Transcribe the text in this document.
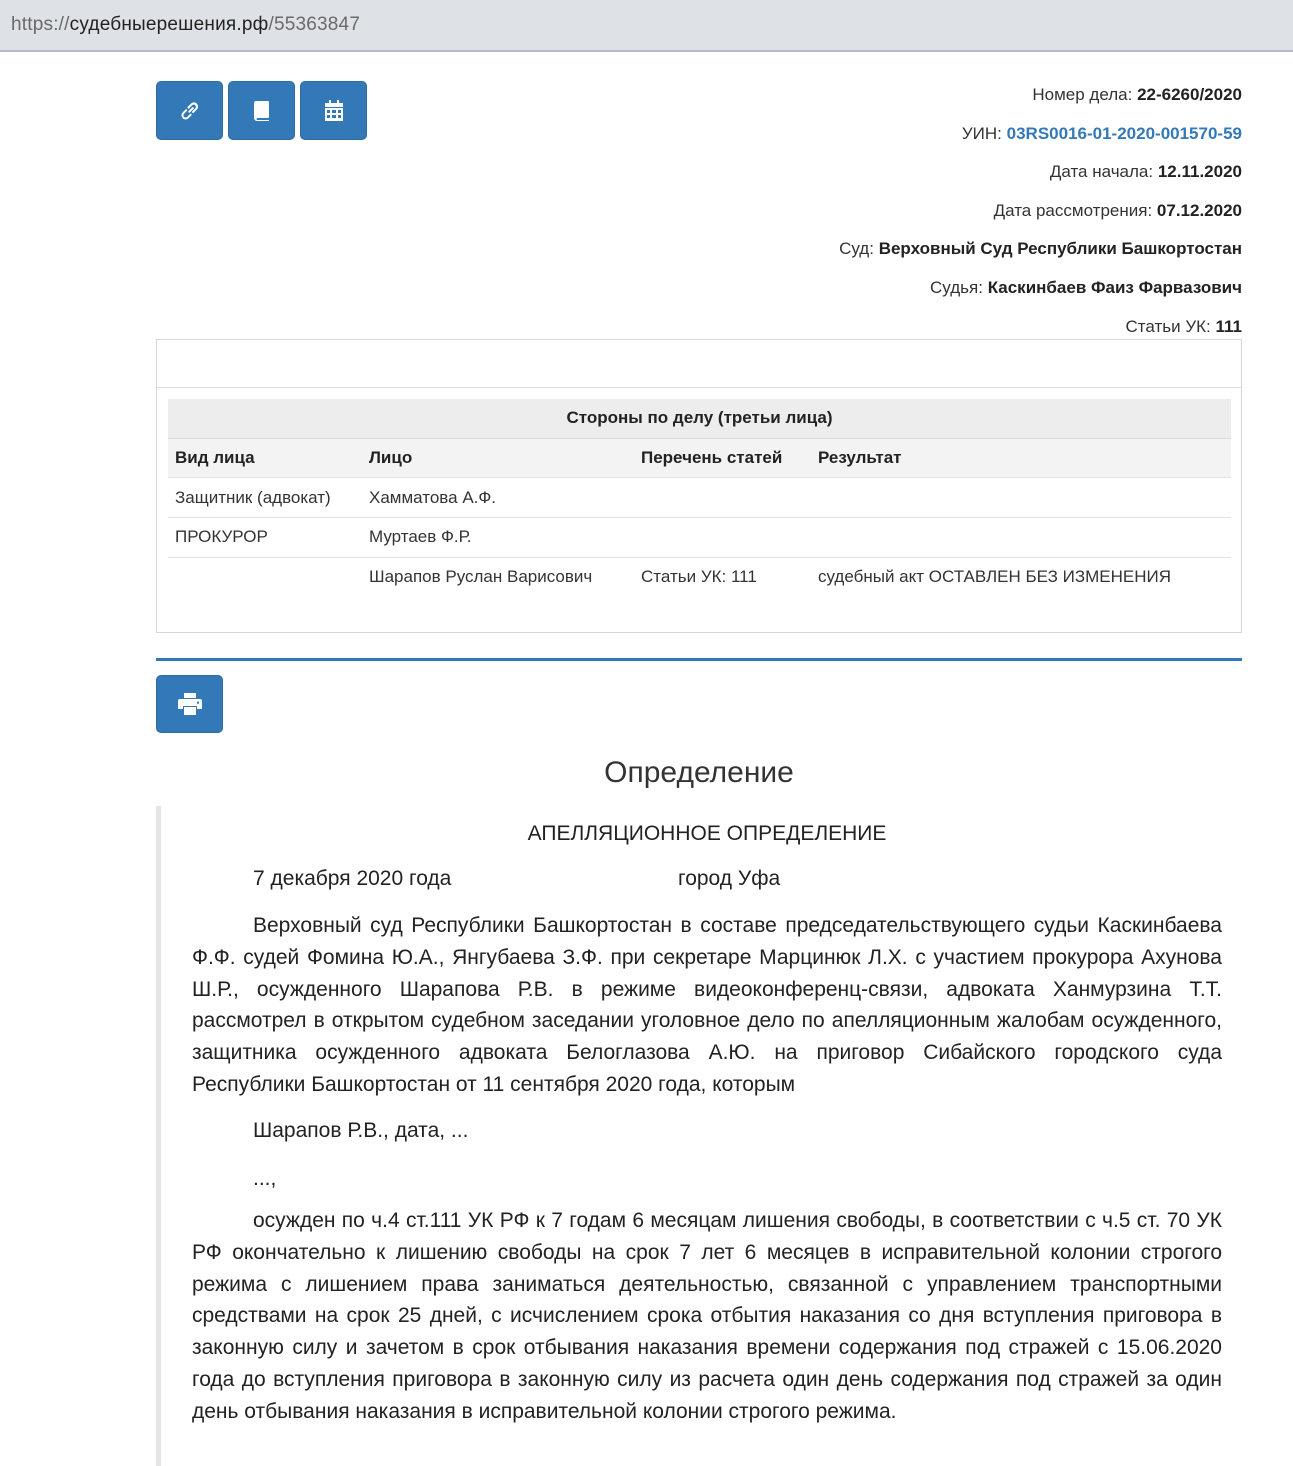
https://судебныерешения.рф/55363847
Номер дела: 22-6260/2020
УИН: 03RS0016-01-2020-001570-59
Дата начала: 12.11.2020
Дата рассмотрения: 07.12.2020
Суд: Верховный Суд Республики Башкортостан
Судья: Каскинбаев Фаиз Фарвазович
Статьи УК: 111
Стороны по делу (третьи лица)			
Вид лица	Лицо	Перечень статей	Результат
Защитник (адвокат)	Хамматова А.Ф.		
ПРОКУРОР	Муртаев Ф.Р.		
	Шарапов Руслан Варисович	Статьи УК: 111	судебный акт ОСТАВЛЕН БЕЗ ИЗМЕНЕНИЯ
Определение
АПЕЛЛЯЦИОННОЕ ОПРЕДЕЛЕНИЕ
7 декабря 2020 года	город Уфа
Верховный суд Республики Башкортостан в составе председательствующего судьи Каскинбаева Ф.Ф. судей Фомина Ю.А., Янгубаева З.Ф. при секретаре Марцинюк Л.Х. с участием прокурора Ахунова Ш.Р., осужденного Шарапова Р.В. в режиме видеоконференц-связи, адвоката Ханмурзина Т.Т. рассмотрел в открытом судебном заседании уголовное дело по апелляционным жалобам осужденного, защитника осужденного адвоката Белоглазова А.Ю. на приговор Сибайского городского суда Республики Башкортостан от 11 сентября 2020 года, которым
Шарапов Р.В., дата, ...
...,
осужден по ч.4 ст.111 УК РФ к 7 годам 6 месяцам лишения свободы, в соответствии с ч.5 ст. 70 УК РФ окончательно к лишению свободы на срок 7 лет 6 месяцев в исправительной колонии строгого режима с лишением права заниматься деятельностью, связанной с управлением транспортными средствами на срок 25 дней, с исчислением срока отбытия наказания со дня вступления приговора в законную силу и зачетом в срок отбывания наказания времени содержания под стражей с 15.06.2020 года до вступления приговора в законную силу из расчета один день содержания под стражей за один день отбывания наказания в исправительной колонии строгого режима.
